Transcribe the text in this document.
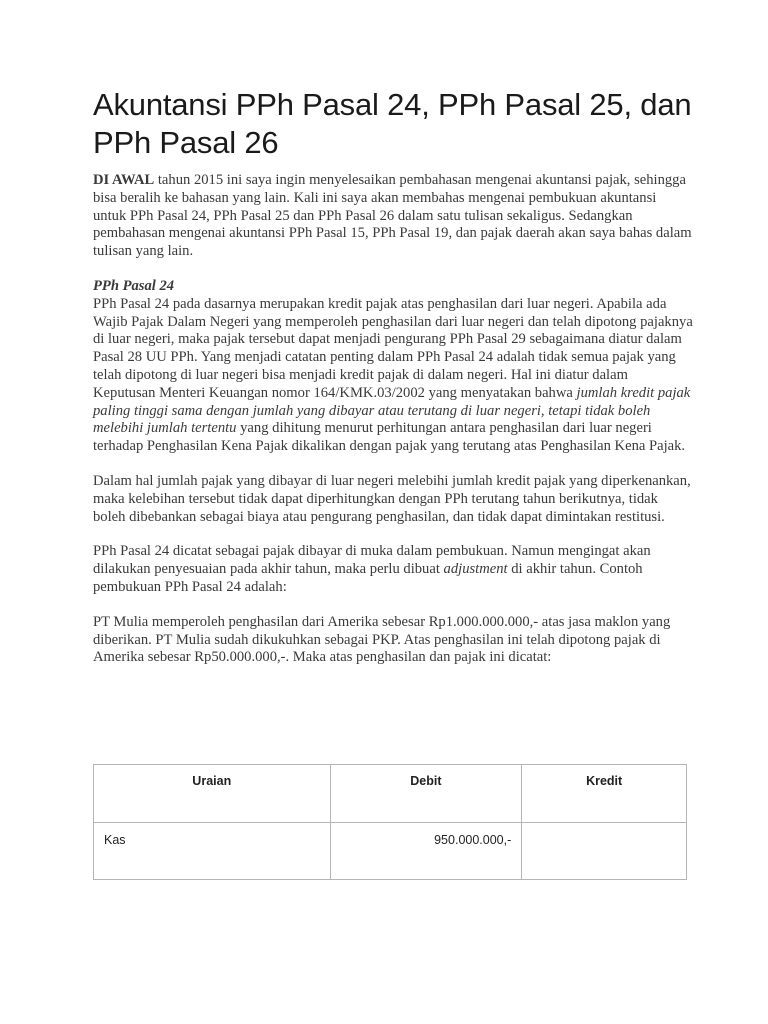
Akuntansi PPh Pasal 24, PPh Pasal 25, dan PPh Pasal 26

DI AWAL tahun 2015 ini saya ingin menyelesaikan pembahasan mengenai akuntansi pajak, sehingga bisa beralih ke bahasan yang lain. Kali ini saya akan membahas mengenai pembukuan akuntansi untuk PPh Pasal 24, PPh Pasal 25 dan PPh Pasal 26 dalam satu tulisan sekaligus. Sedangkan pembahasan mengenai akuntansi PPh Pasal 15, PPh Pasal 19, dan pajak daerah akan saya bahas dalam tulisan yang lain.

PPh Pasal 24

PPh Pasal 24 pada dasarnya merupakan kredit pajak atas penghasilan dari luar negeri. Apabila ada Wajib Pajak Dalam Negeri yang memperoleh penghasilan dari luar negeri dan telah dipotong pajaknya di luar negeri, maka pajak tersebut dapat menjadi pengurang PPh Pasal 29 sebagaimana diatur dalam Pasal 28 UU PPh. Yang menjadi catatan penting dalam PPh Pasal 24 adalah tidak semua pajak yang telah dipotong di luar negeri bisa menjadi kredit pajak di dalam negeri. Hal ini diatur dalam Keputusan Menteri Keuangan nomor 164/KMK.03/2002 yang menyatakan bahwa jumlah kredit pajak paling tinggi sama dengan jumlah yang dibayar atau terutang di luar negeri, tetapi tidak boleh melebihi jumlah tertentu yang dihitung menurut perhitungan antara penghasilan dari luar negeri terhadap Penghasilan Kena Pajak dikalikan dengan pajak yang terutang atas Penghasilan Kena Pajak.

Dalam hal jumlah pajak yang dibayar di luar negeri melebihi jumlah kredit pajak yang diperkenankan, maka kelebihan tersebut tidak dapat diperhitungkan dengan PPh terutang tahun berikutnya, tidak boleh dibebankan sebagai biaya atau pengurang penghasilan, dan tidak dapat dimintakan restitusi.

PPh Pasal 24 dicatat sebagai pajak dibayar di muka dalam pembukuan. Namun mengingat akan dilakukan penyesuaian pada akhir tahun, maka perlu dibuat adjustment di akhir tahun. Contoh pembukuan PPh Pasal 24 adalah:

PT Mulia memperoleh penghasilan dari Amerika sebesar Rp1.000.000.000,- atas jasa maklon yang diberikan. PT Mulia sudah dikukuhkan sebagai PKP. Atas penghasilan ini telah dipotong pajak di Amerika sebesar Rp50.000.000,-. Maka atas penghasilan dan pajak ini dicatat:

Uraian	Debit	Kredit
Kas	950.000.000,-	
